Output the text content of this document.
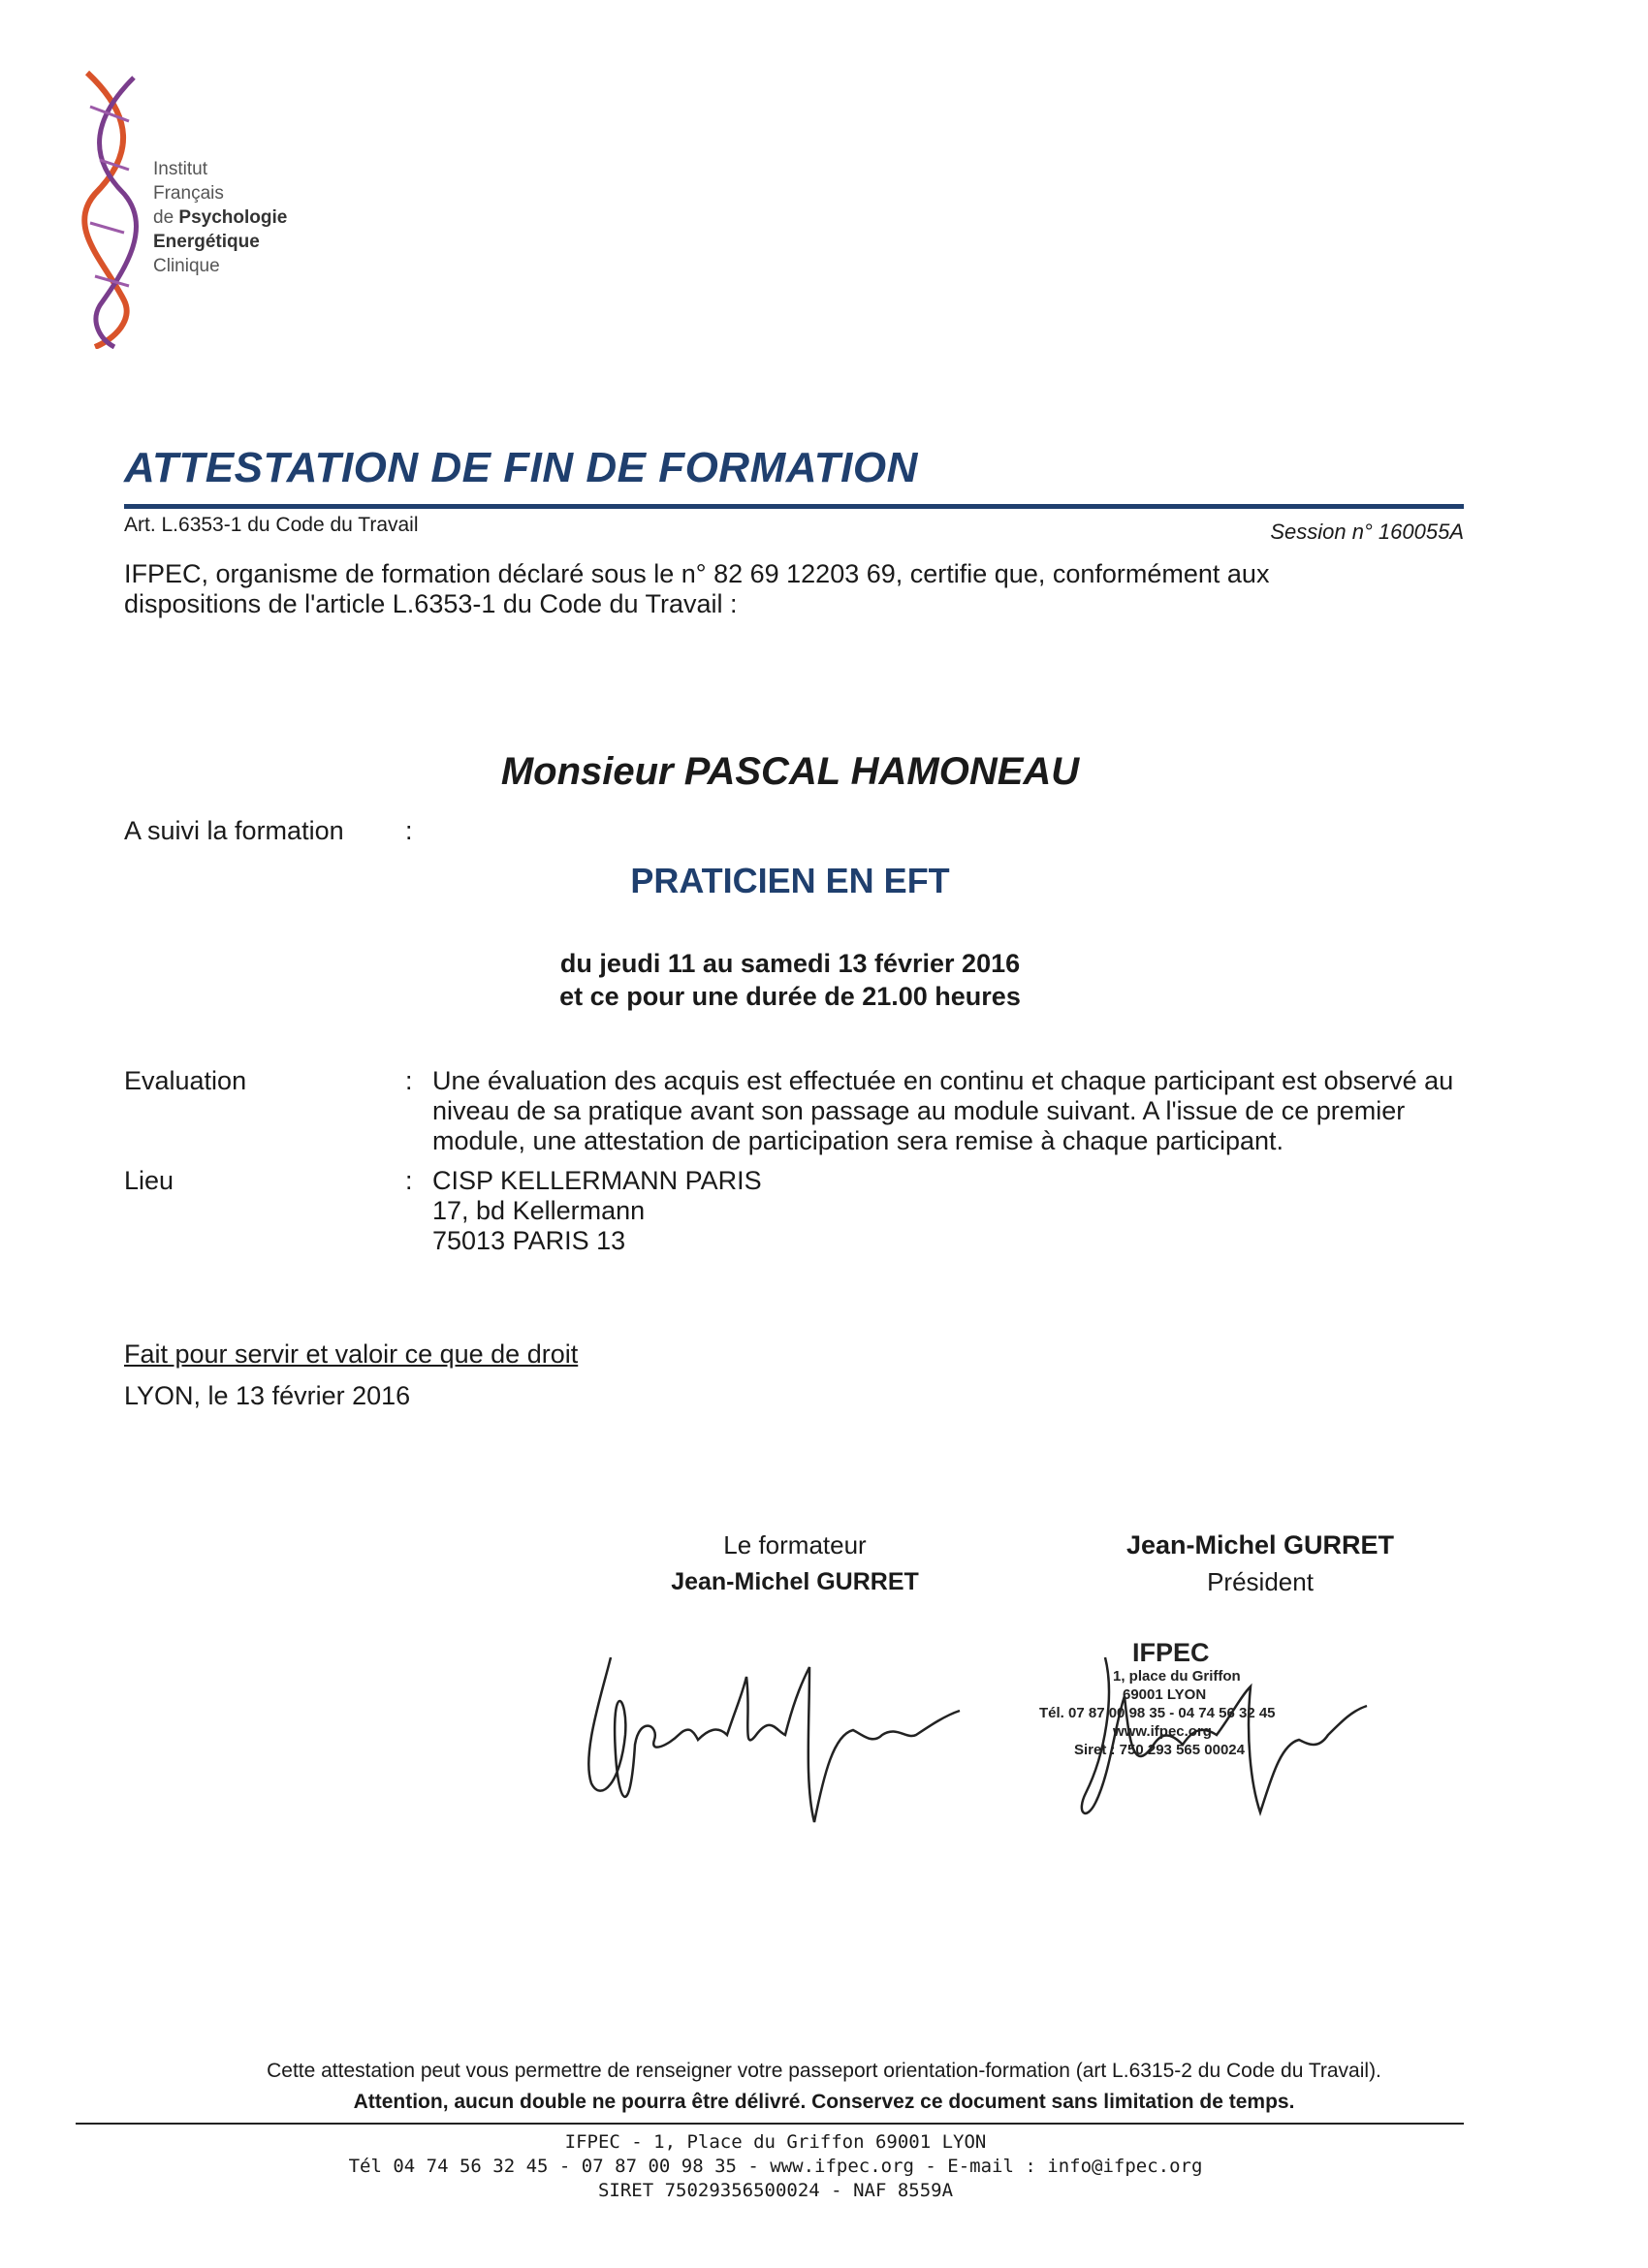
Institut
Français
de Psychologie
Energétique
Clinique
ATTESTATION DE FIN DE FORMATION
Art. L.6353-1 du Code du Travail	Session n° 160055A
IFPEC, organisme de formation déclaré sous le n° 82 69 12203 69, certifie que, conformément aux dispositions de l'article L.6353-1 du Code du Travail :
Monsieur PASCAL HAMONEAU
A suivi la formation :
PRATICIEN EN EFT
du jeudi 11 au samedi 13 février 2016
et ce pour une durée de 21.00 heures
Evaluation	: Une évaluation des acquis est effectuée en continu et chaque participant est observé au niveau de sa pratique avant son passage au module suivant. A l'issue de ce premier module, une attestation de participation sera remise à chaque participant.
Lieu	: CISP KELLERMANN PARIS
17, bd Kellermann
75013 PARIS 13
Fait pour servir et valoir ce que de droit
LYON, le 13 février 2016
Le formateur
Jean-Michel GURRET
Jean-Michel GURRET
Président
IFPEC
1, place du Griffon
69001 LYON
Tél. 07 87 00 98 35 - 04 74 56 32 45
www.ifpec.org
Siret : 750 293 565 00024
Cette attestation peut vous permettre de renseigner votre passeport orientation-formation (art L.6315-2 du Code du Travail).
Attention, aucun double ne pourra être délivré. Conservez ce document sans limitation de temps.
IFPEC - 1, Place du Griffon 69001 LYON
Tél 04 74 56 32 45 - 07 87 00 98 35 - www.ifpec.org - E-mail : info@ifpec.org
SIRET 75029356500024 - NAF 8559A
